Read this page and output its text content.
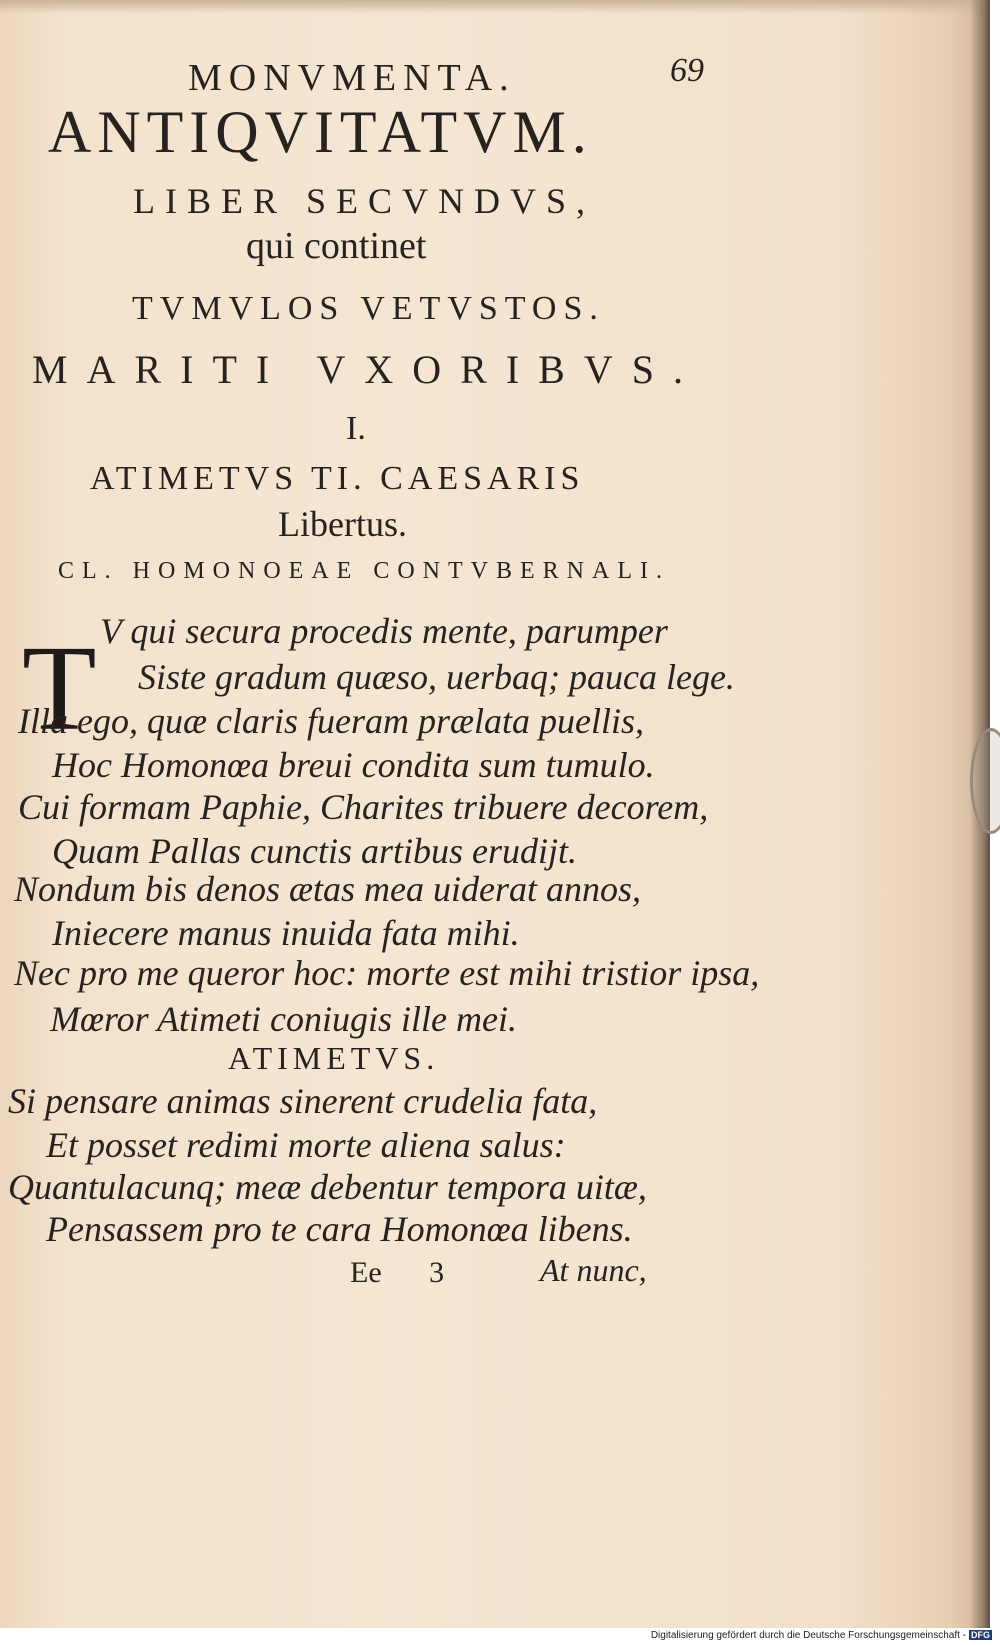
MONVMENTA.	69
ANTIQVITATVM.
LIBER SECVNDVS,
qui continet
TVMVLOS VETVSTOS.
MARITI VXORIBVS.
I.
ATIMETVS TI. CAESARIS
Libertus.
CL. HOMONOEAE CONTVBERNALI.
T V qui secura procedis mente, parumper
Siste gradum quæso, uerbaq; pauca lege.
Illa ego, quæ claris fueram prælata puellis,
Hoc Homonœa breui condita sum tumulo.
Cui formam Paphie, Charites tribuere decorem,
Quam Pallas cunctis artibus erudijt.
Nondum bis denos ætas mea uiderat annos,
Iniecere manus inuida fata mihi.
Nec pro me queror hoc: morte est mihi tristior ipsa,
Mœror Atimeti coniugis ille mei.
ATIMETVS.
Si pensare animas sinerent crudelia fata,
Et posset redimi morte aliena salus:
Quantulacunq; meæ debentur tempora uitæ,
Pensassem pro te cara Homonœa libens.
Ee 3	At nunc,
Digitalisierung gefördert durch die Deutsche Forschungsgemeinschaft - DFG
